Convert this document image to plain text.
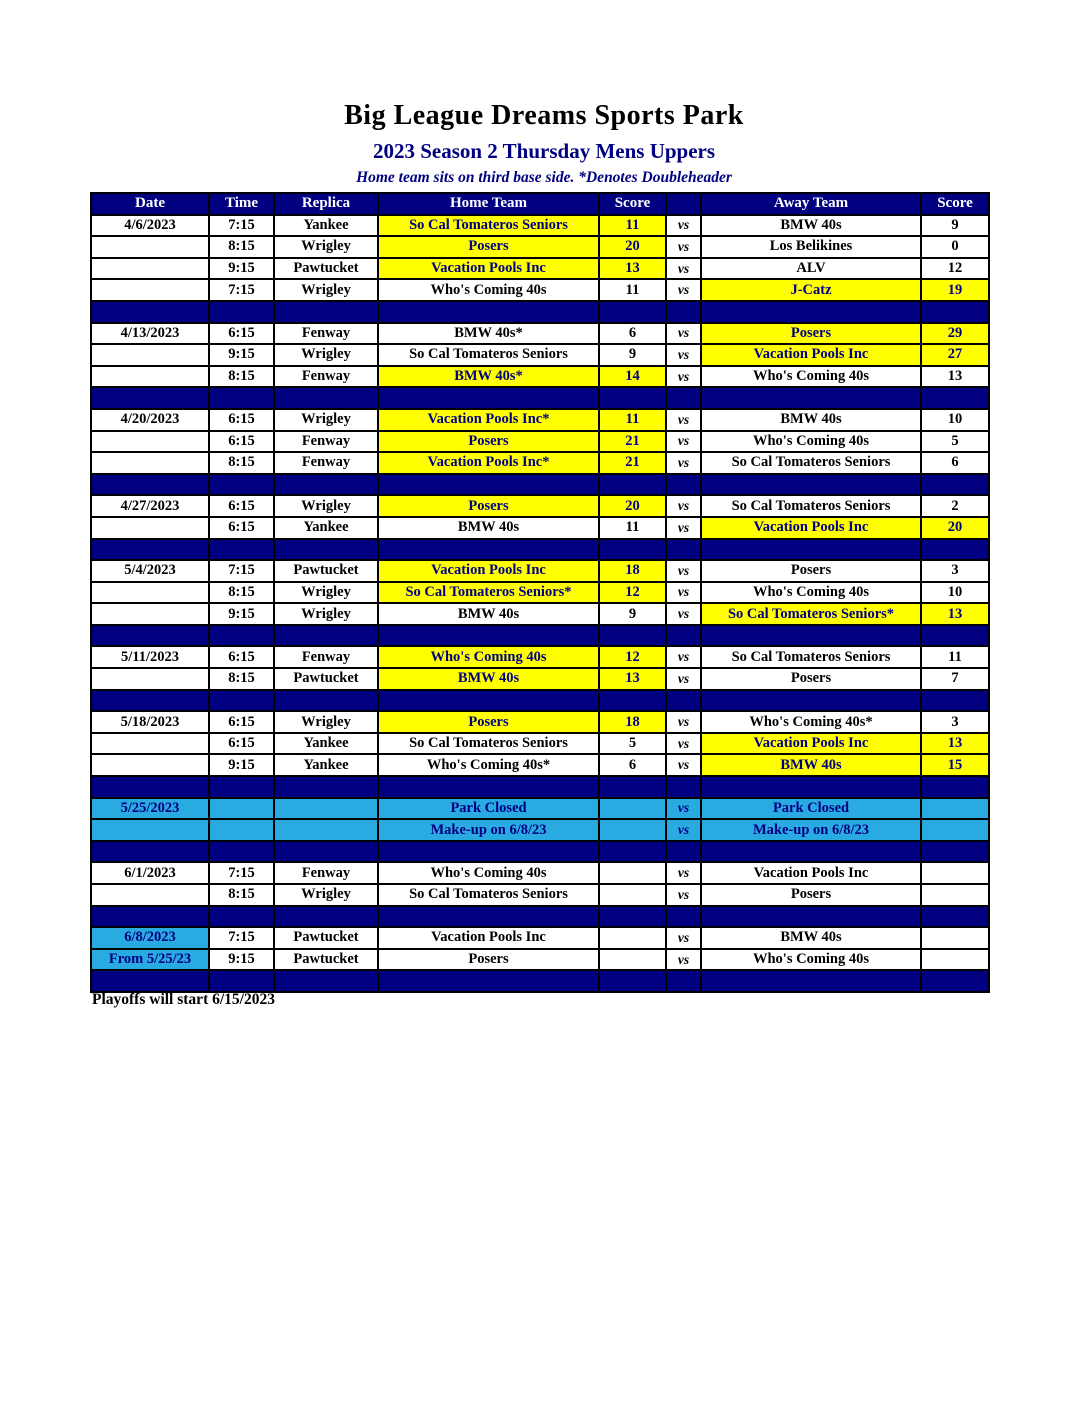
Big League Dreams Sports Park
2023 Season 2 Thursday Mens Uppers
Home team sits on third base side. *Denotes Doubleheader
Date	Time	Replica	Home Team	Score		Away Team	Score
4/6/2023	7:15	Yankee	So Cal Tomateros Seniors	11	vs	BMW 40s	9
	8:15	Wrigley	Posers	20	vs	Los Belikines	0
	9:15	Pawtucket	Vacation Pools Inc	13	vs	ALV	12
	7:15	Wrigley	Who's Coming 40s	11	vs	J-Catz	19

4/13/2023	6:15	Fenway	BMW 40s*	6	vs	Posers	29
	9:15	Wrigley	So Cal Tomateros Seniors	9	vs	Vacation Pools Inc	27
	8:15	Fenway	BMW 40s*	14	vs	Who's Coming 40s	13

4/20/2023	6:15	Wrigley	Vacation Pools Inc*	11	vs	BMW 40s	10
	6:15	Fenway	Posers	21	vs	Who's Coming 40s	5
	8:15	Fenway	Vacation Pools Inc*	21	vs	So Cal Tomateros Seniors	6

4/27/2023	6:15	Wrigley	Posers	20	vs	So Cal Tomateros Seniors	2
	6:15	Yankee	BMW 40s	11	vs	Vacation Pools Inc	20

5/4/2023	7:15	Pawtucket	Vacation Pools Inc	18	vs	Posers	3
	8:15	Wrigley	So Cal Tomateros Seniors*	12	vs	Who's Coming 40s	10
	9:15	Wrigley	BMW 40s	9	vs	So Cal Tomateros Seniors*	13

5/11/2023	6:15	Fenway	Who's Coming 40s	12	vs	So Cal Tomateros Seniors	11
	8:15	Pawtucket	BMW 40s	13	vs	Posers	7

5/18/2023	6:15	Wrigley	Posers	18	vs	Who's Coming 40s*	3
	6:15	Yankee	So Cal Tomateros Seniors	5	vs	Vacation Pools Inc	13
	9:15	Yankee	Who's Coming 40s*	6	vs	BMW 40s	15

5/25/2023			Park Closed		vs	Park Closed	
			Make-up on 6/8/23		vs	Make-up on 6/8/23	

6/1/2023	7:15	Fenway	Who's Coming 40s		vs	Vacation Pools Inc	
	8:15	Wrigley	So Cal Tomateros Seniors		vs	Posers	

6/8/2023	7:15	Pawtucket	Vacation Pools Inc		vs	BMW 40s	
From 5/25/23	9:15	Pawtucket	Posers		vs	Who's Coming 40s	

Playoffs will start 6/15/2023
